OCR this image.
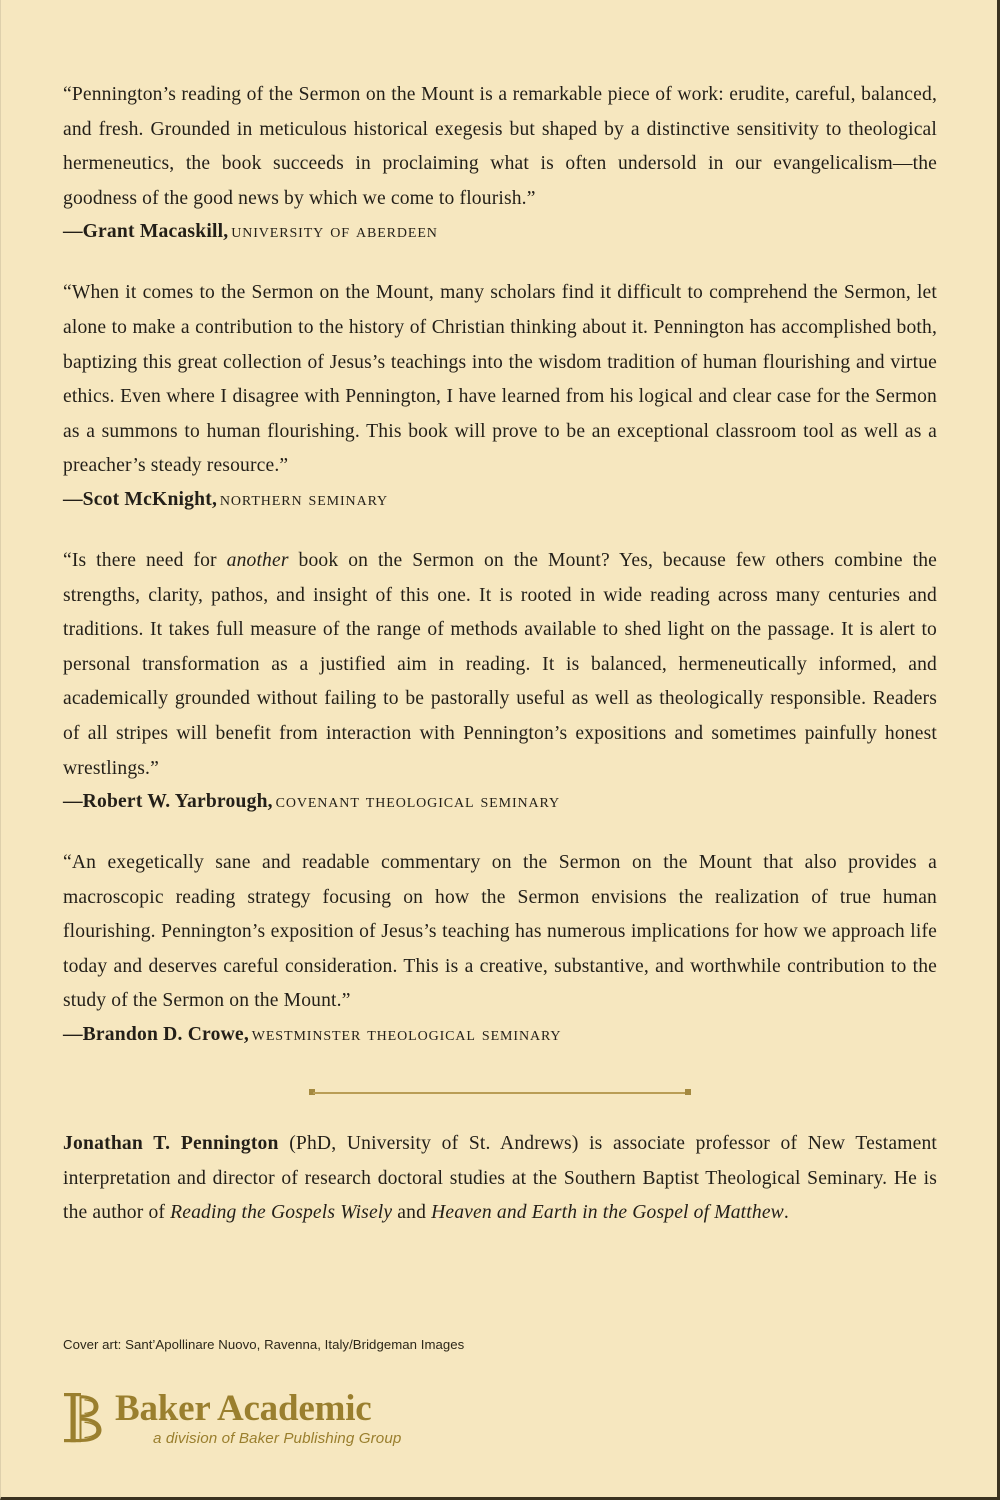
“Pennington’s reading of the Sermon on the Mount is a remarkable piece of work: erudite, careful, balanced, and fresh. Grounded in meticulous historical exegesis but shaped by a distinctive sensitivity to theological hermeneutics, the book succeeds in proclaiming what is often undersold in our evangelicalism—the goodness of the good news by which we come to flourish.”

—Grant Macaskill, university of aberdeen

“When it comes to the Sermon on the Mount, many scholars find it difficult to comprehend the Sermon, let alone to make a contribution to the history of Christian thinking about it. Pennington has accomplished both, baptizing this great collection of Jesus’s teachings into the wisdom tradition of human flourishing and virtue ethics. Even where I disagree with Pennington, I have learned from his logical and clear case for the Sermon as a summons to human flourishing. This book will prove to be an exceptional classroom tool as well as a preacher’s steady resource.”

—Scot McKnight, northern seminary

“Is there need for another book on the Sermon on the Mount? Yes, because few others combine the strengths, clarity, pathos, and insight of this one. It is rooted in wide reading across many centuries and traditions. It takes full measure of the range of methods available to shed light on the passage. It is alert to personal transformation as a justified aim in reading. It is balanced, hermeneutically informed, and academically grounded without failing to be pastorally useful as well as theologically responsible. Readers of all stripes will benefit from interaction with Pennington’s expositions and sometimes painfully honest wrestlings.”

—Robert W. Yarbrough, covenant theological seminary

“An exegetically sane and readable commentary on the Sermon on the Mount that also provides a macroscopic reading strategy focusing on how the Sermon envisions the realization of true human flourishing. Pennington’s exposition of Jesus’s teaching has numerous implications for how we approach life today and deserves careful consideration. This is a creative, substantive, and worthwhile contribution to the study of the Sermon on the Mount.”

—Brandon D. Crowe, westminster theological seminary

Jonathan T. Pennington (PhD, University of St. Andrews) is associate professor of New Testament interpretation and director of research doctoral studies at the Southern Baptist Theological Seminary. He is the author of Reading the Gospels Wisely and Heaven and Earth in the Gospel of Matthew.

Cover art: Sant’Apollinare Nuovo, Ravenna, Italy/Bridgeman Images

Baker Academic
a division of Baker Publishing Group
